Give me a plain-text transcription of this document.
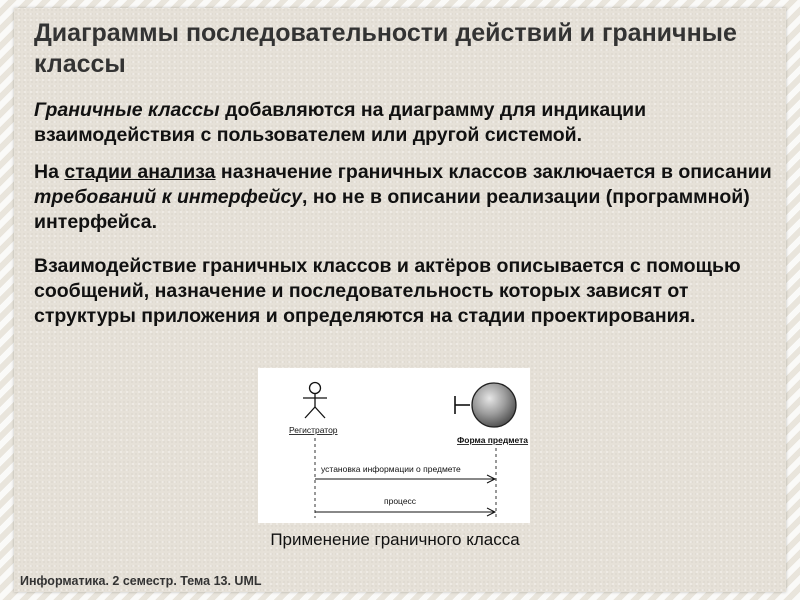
Диаграммы последовательности действий и граничные классы
Граничные классы добавляются на диаграмму для индикации взаимодействия с пользователем или другой системой.
На стадии анализа назначение граничных классов заключается в описании требований к интерфейсу, но не в описании реализации (программной) интерфейса.
Взаимодействие граничных классов и актёров описывается с помощью сообщений, назначение и последовательность которых зависят от структуры приложения и определяются на стадии проектирования.
Регистратор
Форма предмета
установка информации о предмете
процесс
Применение граничного класса
Информатика. 2 семестр. Тема 13. UML
